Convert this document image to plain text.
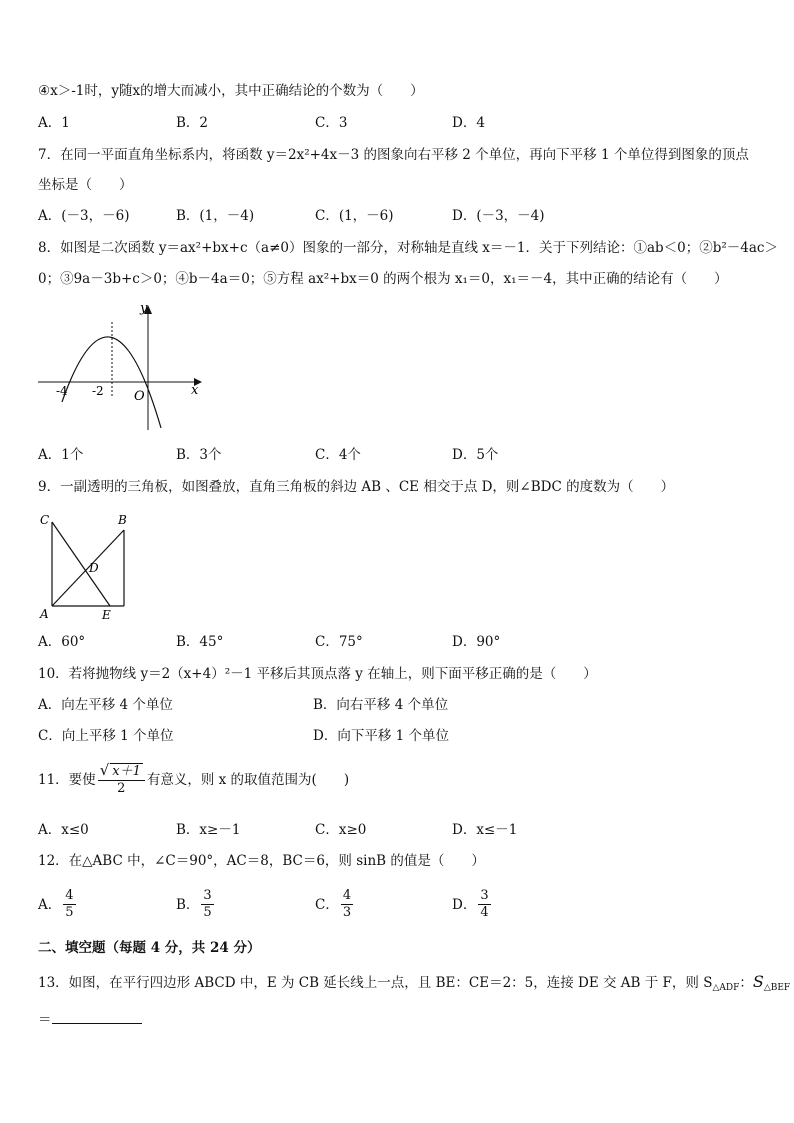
④x＞-1时，y随x的增大而减小，其中正确结论的个数为（　　）
A．1	B．2	C．3	D．4
7．在同一平面直角坐标系内，将函数 y＝2x²+4x－3 的图象向右平移 2 个单位，再向下平移 1 个单位得到图象的顶点
坐标是（　　）
A．(－3，－6)	B．(1，－4)	C．(1，－6)	D．(－3，－4)
8．如图是二次函数 y＝ax²+bx+c（a≠0）图象的一部分，对称轴是直线 x＝－1．关于下列结论：①ab＜0；②b²－4ac＞
0；③9a－3b+c＞0；④b－4a＝0；⑤方程 ax²+bx＝0 的两个根为 x₁＝0，x₁＝－4，其中正确的结论有（　　）
y
x
-4 -2 O
A．1个	B．3个	C．4个	D．5个
9．一副透明的三角板，如图叠放，直角三角板的斜边 AB 、CE 相交于点 D，则∠BDC 的度数为（　　）
C	B
D
A	E
A．60°	B．45°	C．75°	D．90°
10．若将抛物线 y＝2（x+4）²－1 平移后其顶点落 y 在轴上，则下面平移正确的是（　　）
A．向左平移 4 个单位	B．向右平移 4 个单位
C．向上平移 1 个单位	D．向下平移 1 个单位
11．要使 $\frac{√ x+1}{2}$ 有意义，则 x 的取值范围为(　　)
A．x≤0	B．x≥－1	C．x≥0	D．x≤－1
12．在△ABC 中，∠C＝90°，AC＝8，BC＝6，则 sinB 的值是（　　）
A． $\frac{4}{5}$	B． $\frac{3}{5}$	C． $\frac{4}{3}$	D． $\frac{3}{4}$
二、填空题（每题 4 分，共 24 分）
13．如图，在平行四边形 ABCD 中，E 为 CB 延长线上一点，且 BE：CE＝2：5，连接 DE 交 AB 于 F，则 $S_{\triangle ADF}$：$S_{\triangle BEF}$
＝
